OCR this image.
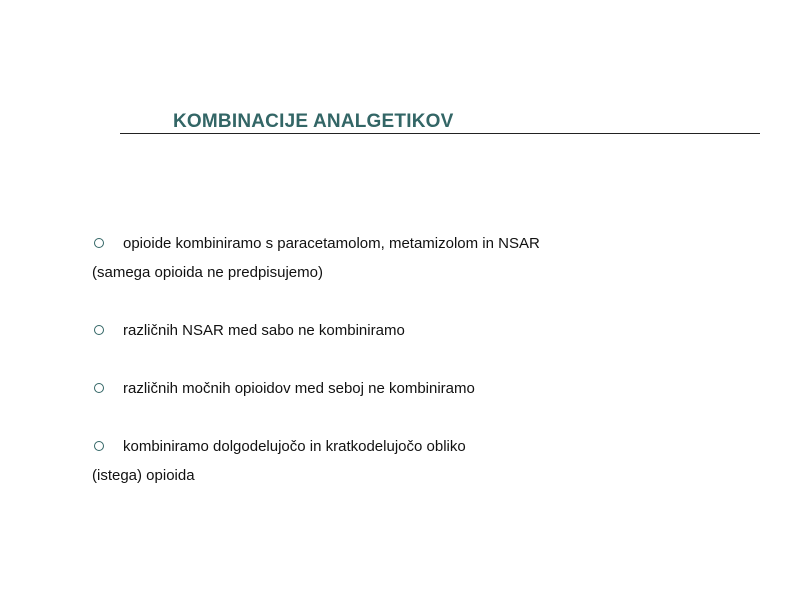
KOMBINACIJE ANALGETIKOV
opioide kombiniramo s paracetamolom, metamizolom in NSAR
(samega opioida ne predpisujemo)
različnih NSAR med sabo ne kombiniramo
različnih močnih opioidov med seboj ne kombiniramo
kombiniramo dolgodelujočo in kratkodelujočo obliko
(istega) opioida
